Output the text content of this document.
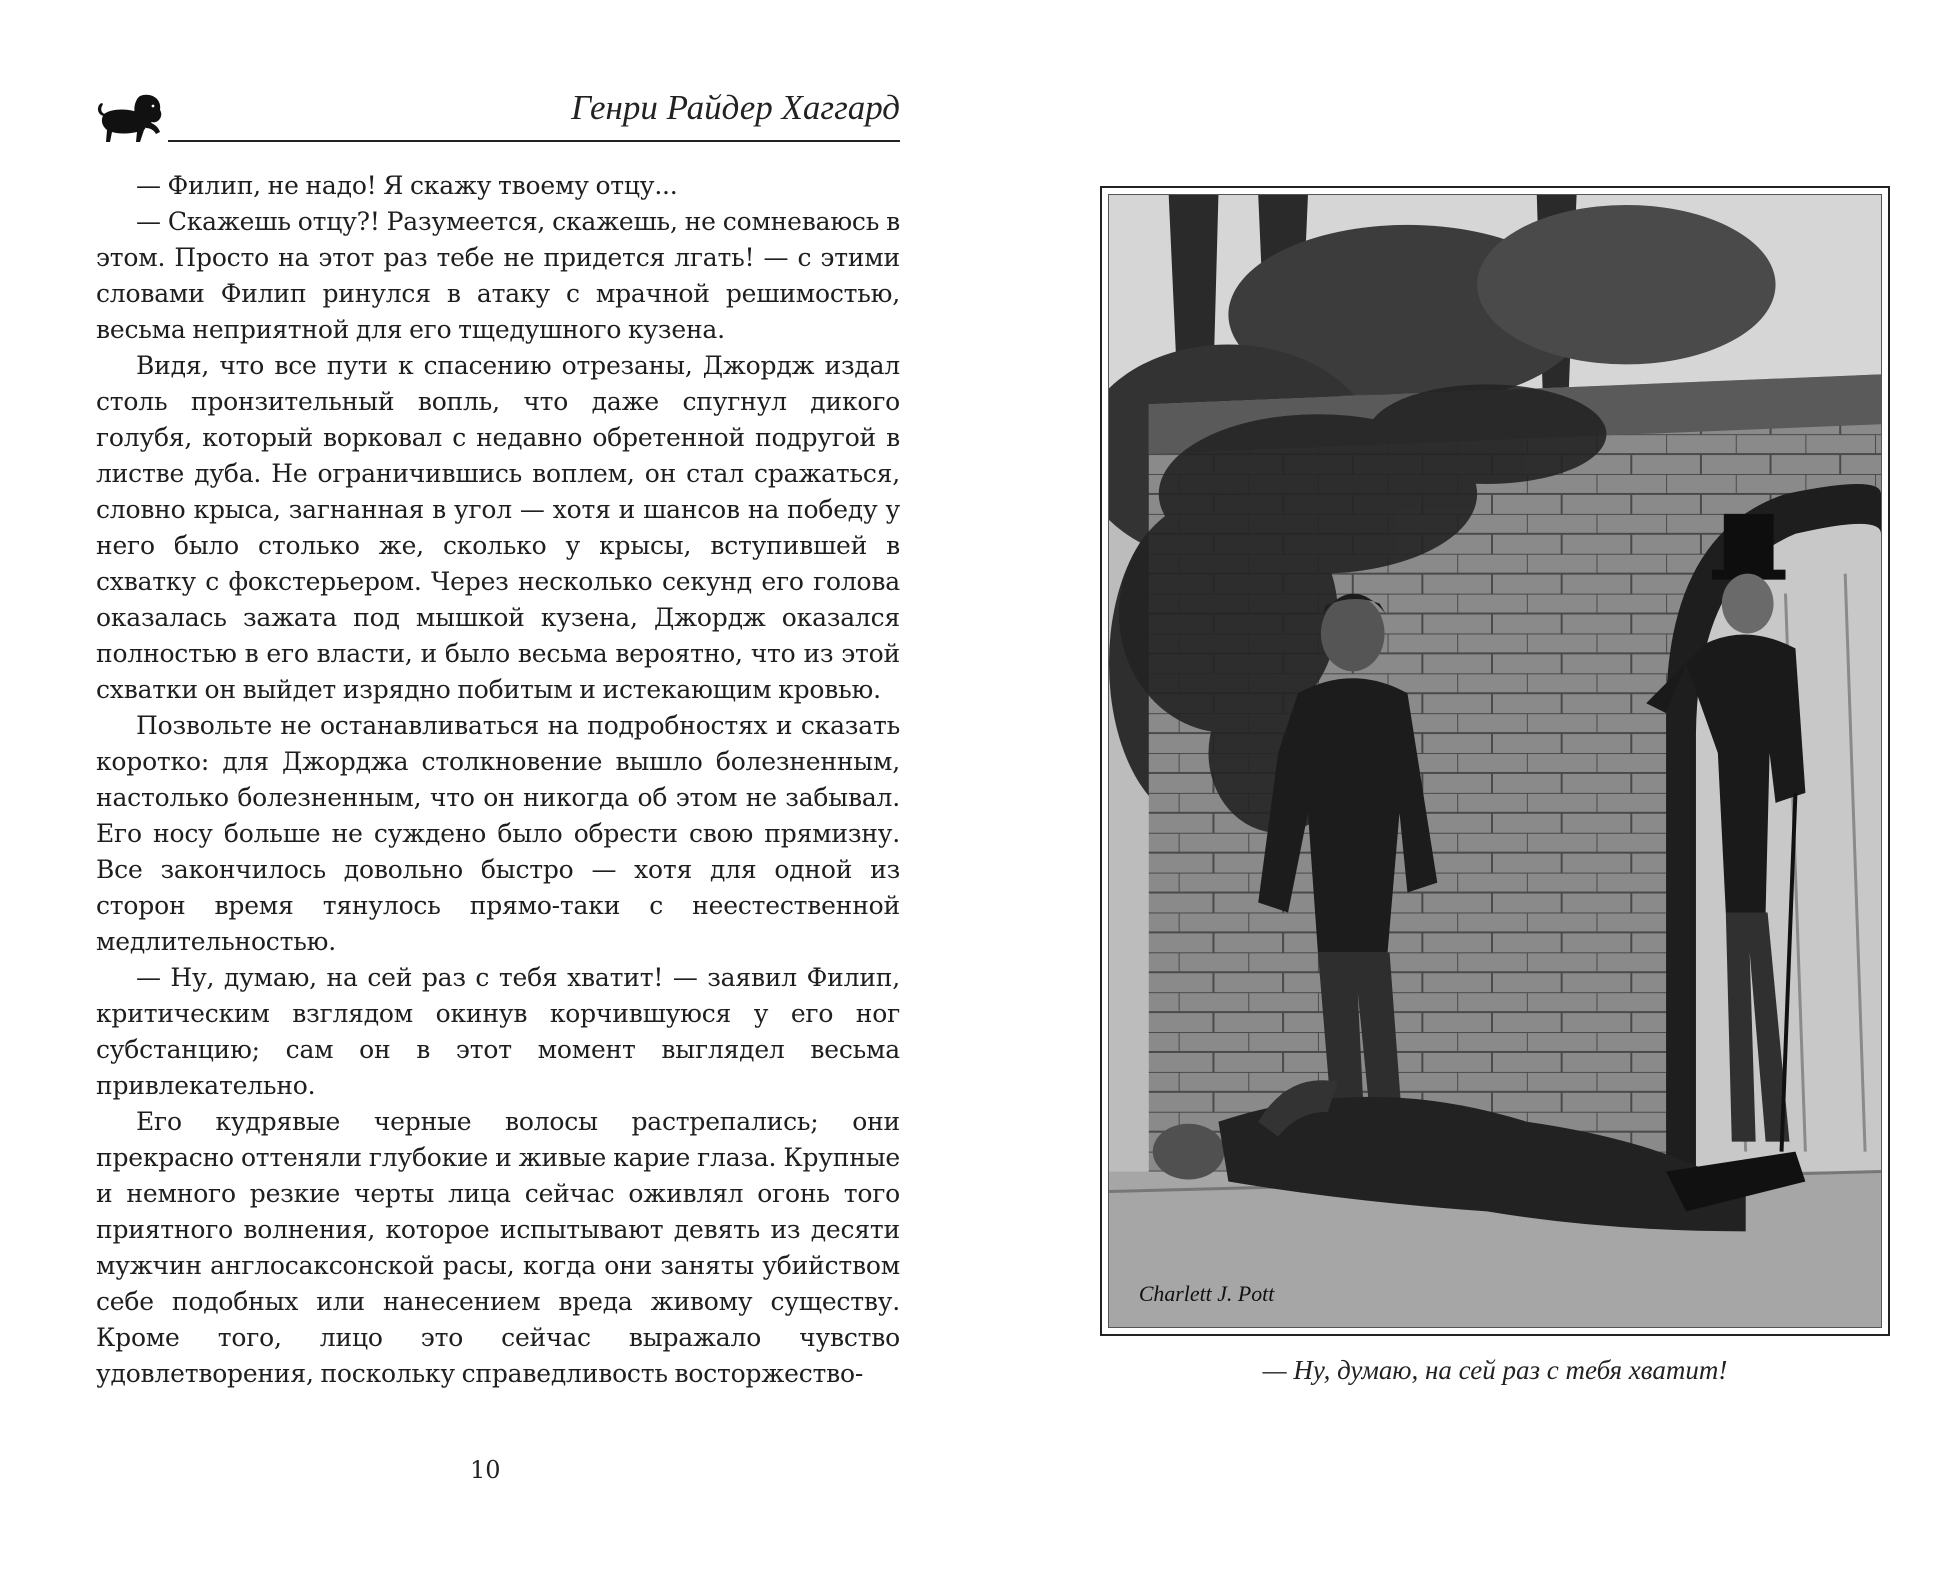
Генри Райдер Хаггард

— Филип, не надо! Я скажу твоему отцу...

— Скажешь отцу?! Разумеется, скажешь, не сомневаюсь в этом. Просто на этот раз тебе не придется лгать! — с этими словами Филип ринулся в атаку с мрачной решимостью, весьма неприятной для его тщедушного кузена.

Видя, что все пути к спасению отрезаны, Джордж издал столь пронзительный вопль, что даже спугнул дикого голубя, который ворковал с недавно обретенной подругой в листве дуба. Не ограничившись воплем, он стал сражаться, словно крыса, загнанная в угол — хотя и шансов на победу у него было столько же, сколько у крысы, вступившей в схватку с фокстерьером. Через несколько секунд его голова оказалась зажата под мышкой кузена, Джордж оказался полностью в его власти, и было весьма вероятно, что из этой схватки он выйдет изрядно побитым и истекающим кровью.

Позвольте не останавливаться на подробностях и сказать коротко: для Джорджа столкновение вышло болезненным, настолько болезненным, что он никогда об этом не забывал. Его носу больше не суждено было обрести свою прямизну. Все закончилось довольно быстро — хотя для одной из сторон время тянулось прямо-таки с неестественной медлительностью.

— Ну, думаю, на сей раз с тебя хватит! — заявил Филип, критическим взглядом окинув корчившуюся у его ног субстанцию; сам он в этот момент выглядел весьма привлекательно.

Его кудрявые черные волосы растрепались; они прекрасно оттеняли глубокие и живые карие глаза. Крупные и немного резкие черты лица сейчас оживлял огонь того приятного волнения, которое испытывают девять из десяти мужчин англосаксонской расы, когда они заняты убийством себе подобных или нанесением вреда живому существу. Кроме того, лицо это сейчас выражало чувство удовлетворения, поскольку справедливость восторжество-

10
Charlett J. Pott
— Ну, думаю, на сей раз с тебя хватит!
